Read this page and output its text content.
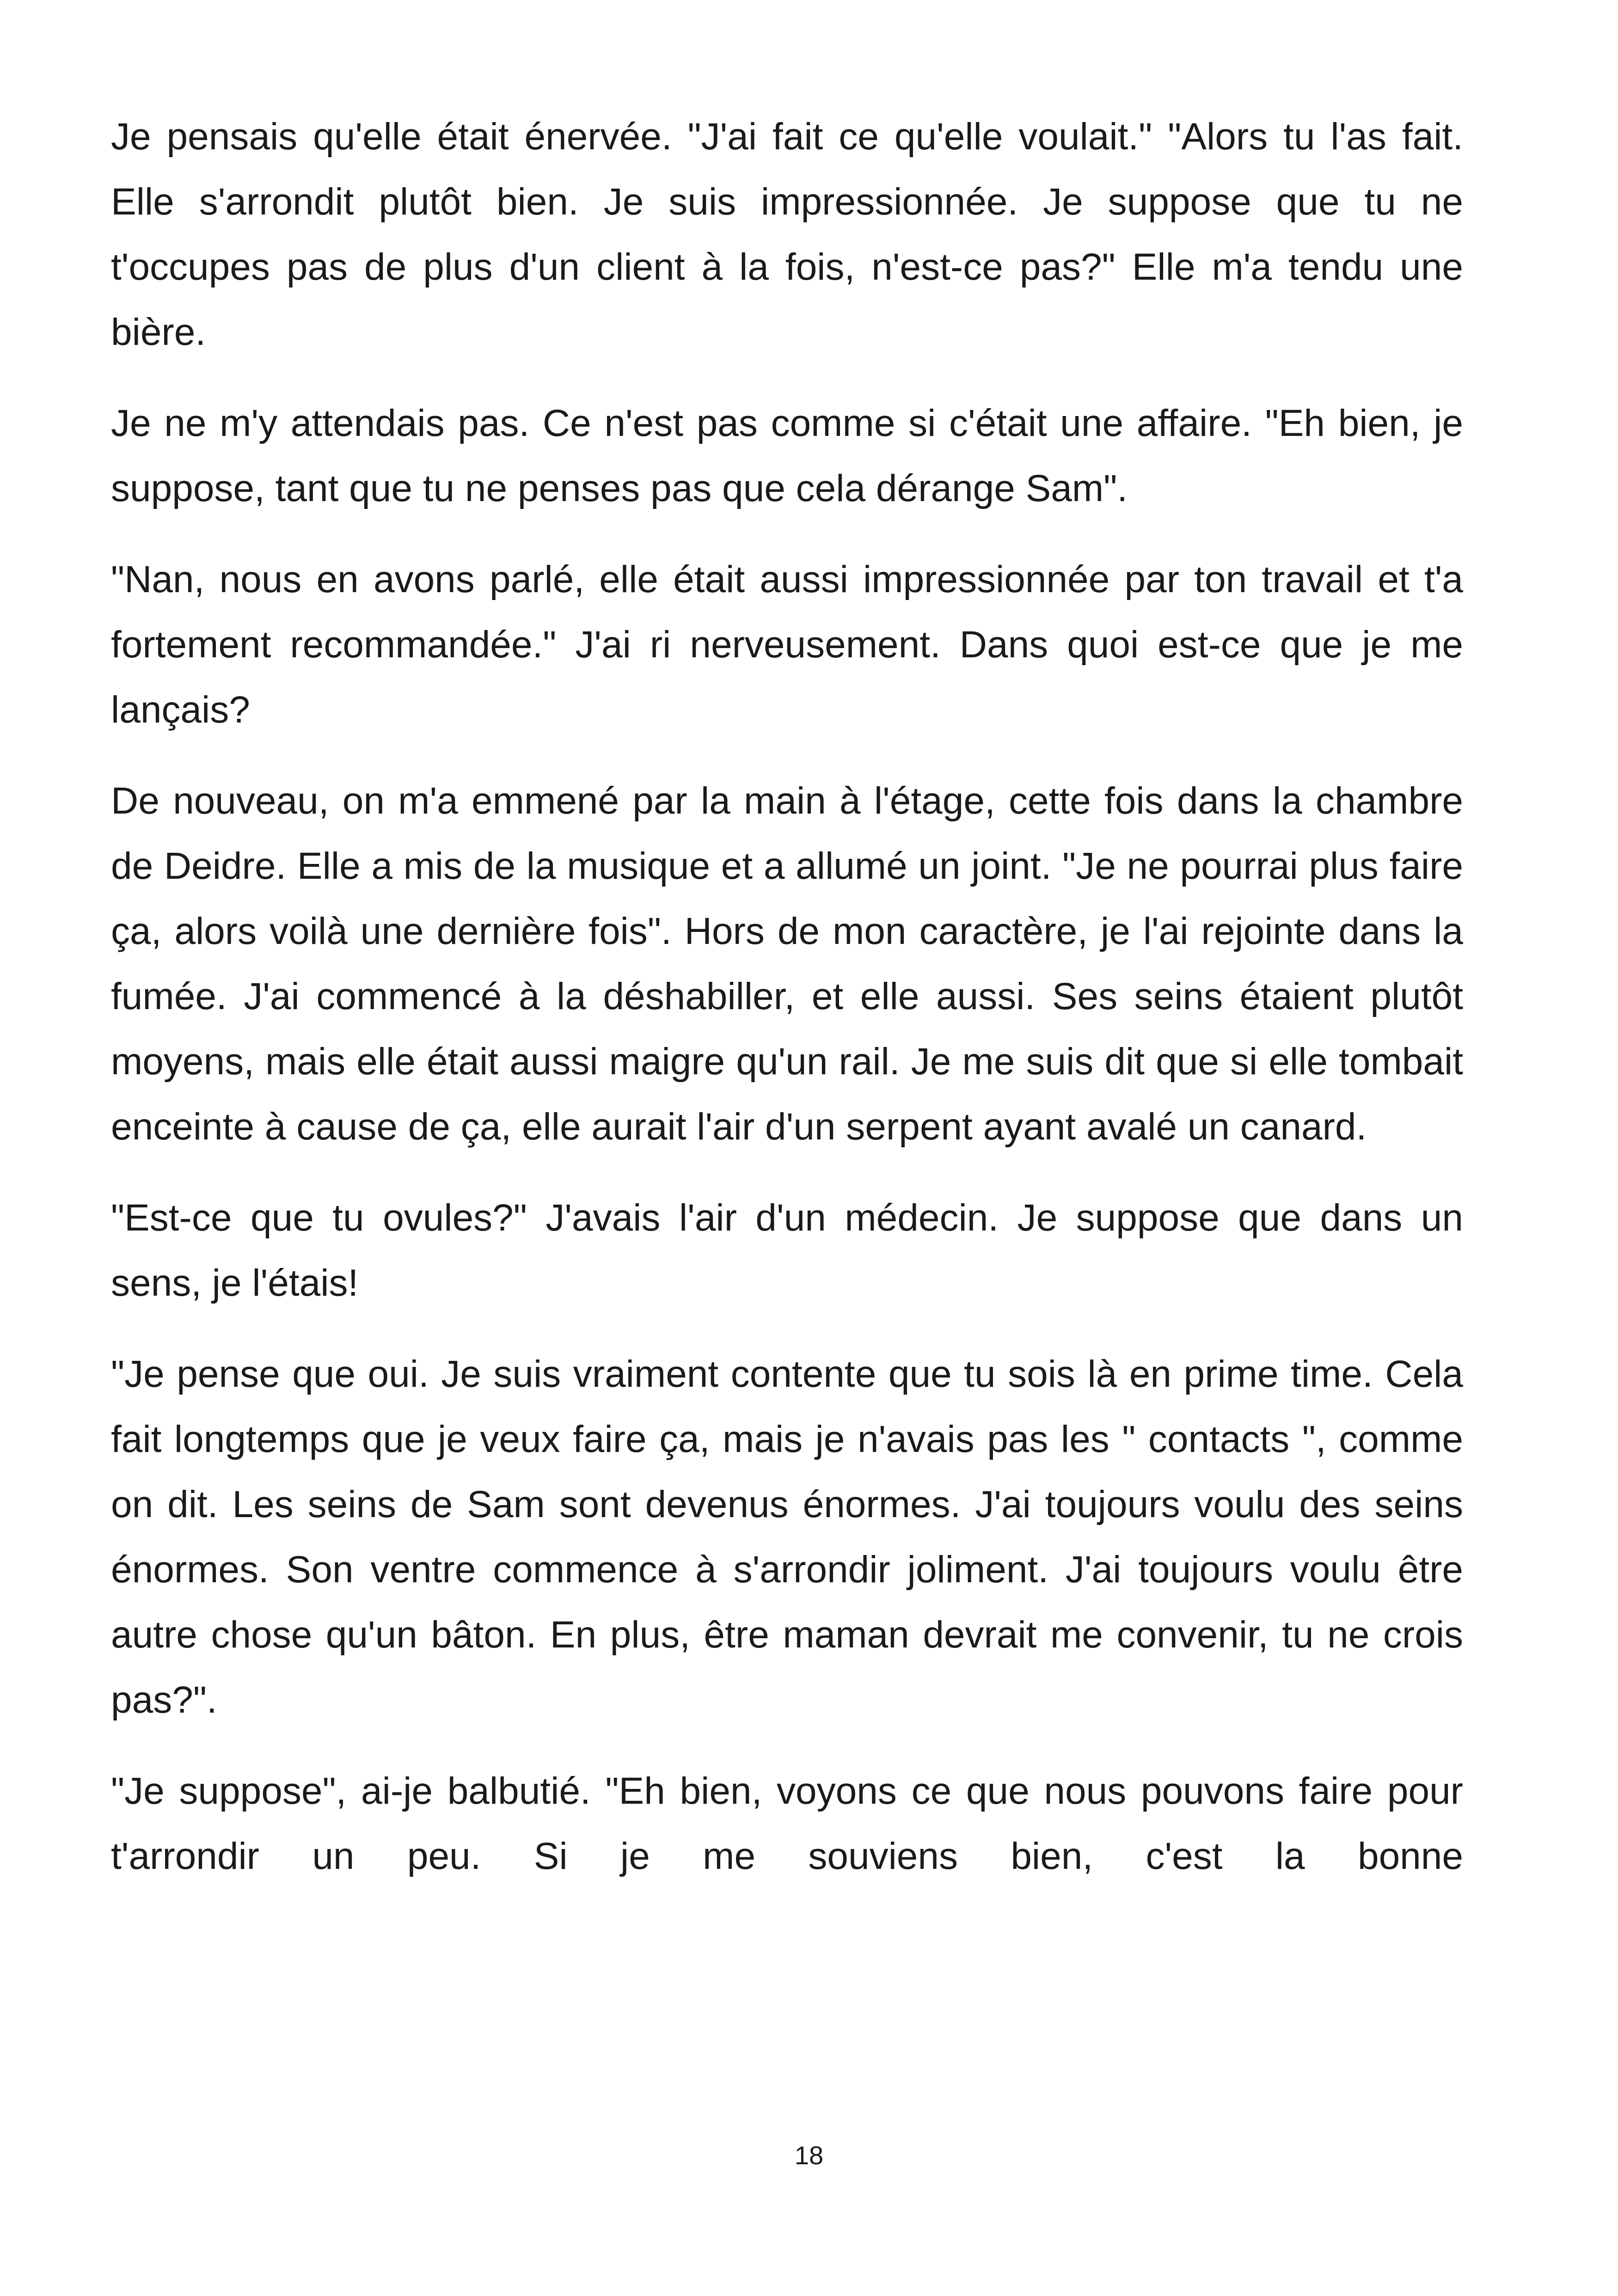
Je pensais qu'elle était énervée. "J'ai fait ce qu'elle voulait." "Alors tu l'as fait. Elle s'arrondit plutôt bien. Je suis impressionnée. Je suppose que tu ne t'occupes pas de plus d'un client à la fois, n'est-ce pas?" Elle m'a tendu une bière.

Je ne m'y attendais pas. Ce n'est pas comme si c'était une affaire. "Eh bien, je suppose, tant que tu ne penses pas que cela dérange Sam".

"Nan, nous en avons parlé, elle était aussi impressionnée par ton travail et t'a fortement recommandée." J'ai ri nerveusement. Dans quoi est-ce que je me lançais?

De nouveau, on m'a emmené par la main à l'étage, cette fois dans la chambre de Deidre. Elle a mis de la musique et a allumé un joint. "Je ne pourrai plus faire ça, alors voilà une dernière fois". Hors de mon caractère, je l'ai rejointe dans la fumée. J'ai commencé à la déshabiller, et elle aussi. Ses seins étaient plutôt moyens, mais elle était aussi maigre qu'un rail. Je me suis dit que si elle tombait enceinte à cause de ça, elle aurait l'air d'un serpent ayant avalé un canard.

"Est-ce que tu ovules?" J'avais l'air d'un médecin. Je suppose que dans un sens, je l'étais!

"Je pense que oui. Je suis vraiment contente que tu sois là en prime time. Cela fait longtemps que je veux faire ça, mais je n'avais pas les " contacts ", comme on dit. Les seins de Sam sont devenus énormes. J'ai toujours voulu des seins énormes. Son ventre commence à s'arrondir joliment. J'ai toujours voulu être autre chose qu'un bâton. En plus, être maman devrait me convenir, tu ne crois pas?".

"Je suppose", ai-je balbutié. "Eh bien, voyons ce que nous pouvons faire pour t'arrondir un peu. Si je me souviens bien, c'est la bonne

18
